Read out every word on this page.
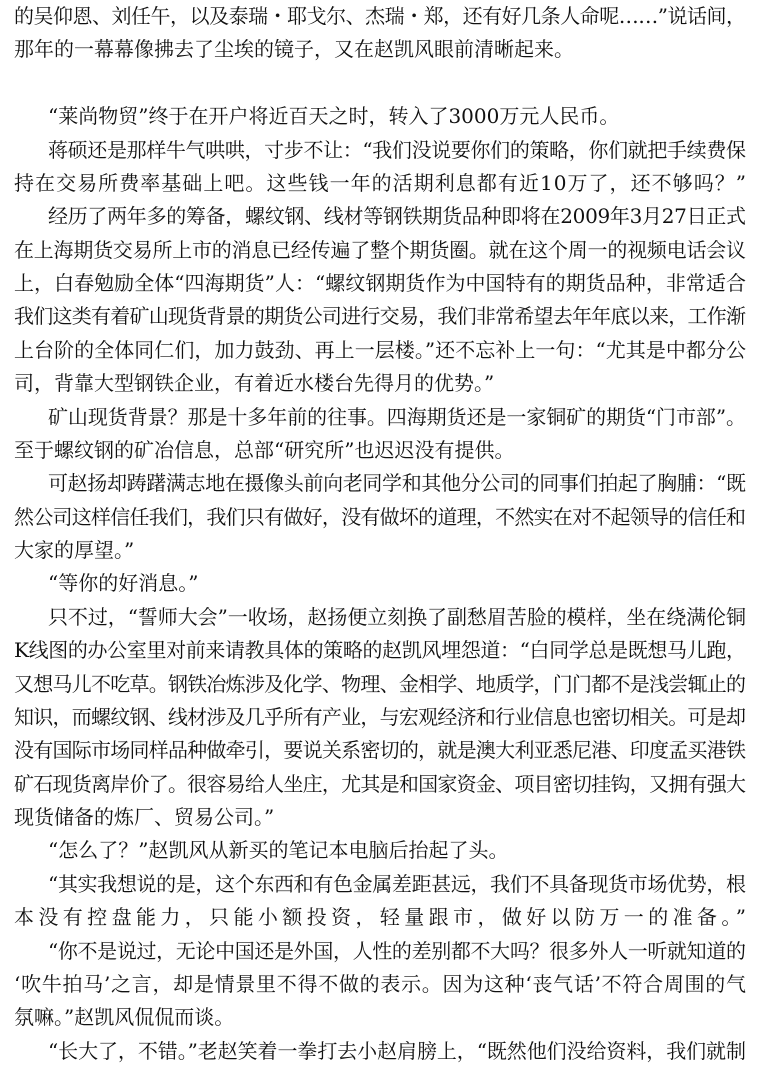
的吴仰恩、刘任午，以及泰瑞・耶戈尔、杰瑞・郑，还有好几条人命呢……”说话间，
那年的一幕幕像拂去了尘埃的镜子，又在赵凯风眼前清晰起来。
“莱尚物贸”终于在开户将近百天之时，转入了3000万元人民币。
蒋硕还是那样牛气哄哄，寸步不让：“我们没说要你们的策略，你们就把手续费保
持在交易所费率基础上吧。这些钱一年的活期利息都有近10万了，还不够吗？”
经历了两年多的筹备，螺纹钢、线材等钢铁期货品种即将在2009年3月27日正式
在上海期货交易所上市的消息已经传遍了整个期货圈。就在这个周一的视频电话会议
上，白春勉励全体“四海期货”人：“螺纹钢期货作为中国特有的期货品种，非常适合
我们这类有着矿山现货背景的期货公司进行交易，我们非常希望去年年底以来，工作渐
上台阶的全体同仁们，加力鼓劲、再上一层楼。”还不忘补上一句：“尤其是中都分公
司，背靠大型钢铁企业，有着近水楼台先得月的优势。”
矿山现货背景？那是十多年前的往事。四海期货还是一家铜矿的期货“门市部”。
至于螺纹钢的矿冶信息，总部“研究所”也迟迟没有提供。
可赵扬却踌躇满志地在摄像头前向老同学和其他分公司的同事们拍起了胸脯：“既
然公司这样信任我们，我们只有做好，没有做坏的道理，不然实在对不起领导的信任和
大家的厚望。”
“等你的好消息。”
只不过，“誓师大会”一收场，赵扬便立刻换了副愁眉苦脸的模样，坐在绕满伦铜
K线图的办公室里对前来请教具体的策略的赵凯风埋怨道：“白同学总是既想马儿跑，
又想马儿不吃草。钢铁冶炼涉及化学、物理、金相学、地质学，门门都不是浅尝辄止的
知识，而螺纹钢、线材涉及几乎所有产业，与宏观经济和行业信息也密切相关。可是却
没有国际市场同样品种做牵引，要说关系密切的，就是澳大利亚悉尼港、印度孟买港铁
矿石现货离岸价了。很容易给人坐庄，尤其是和国家资金、项目密切挂钩，又拥有强大
现货储备的炼厂、贸易公司。”
“怎么了？”赵凯风从新买的笔记本电脑后抬起了头。
“其实我想说的是，这个东西和有色金属差距甚远，我们不具备现货市场优势，根
本没有控盘能力，只能小额投资，轻量跟市，做好以防万一的准备。”
“你不是说过，无论中国还是外国，人性的差别都不大吗？很多外人一听就知道的
‘吹牛拍马’之言，却是情景里不得不做的表示。因为这种‘丧气话’不符合周围的气
氛嘛。”赵凯风侃侃而谈。
“长大了，不错。”老赵笑着一拳打去小赵肩膀上，“既然他们没给资料，我们就制
